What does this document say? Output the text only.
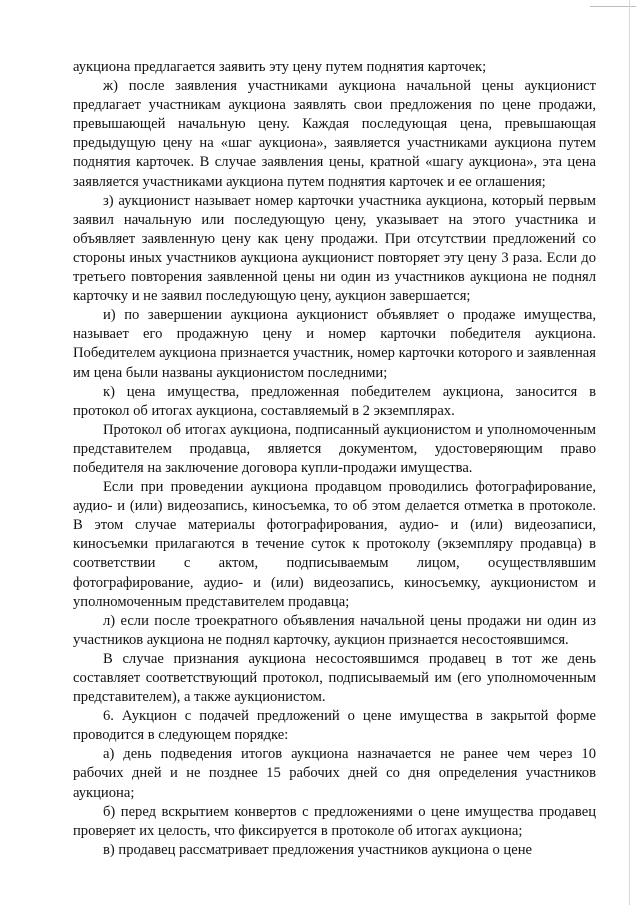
аукциона предлагается заявить эту цену путем поднятия карточек;

ж) после заявления участниками аукциона начальной цены аукционист предлагает участникам аукциона заявлять свои предложения по цене продажи, превышающей начальную цену. Каждая последующая цена, превышающая предыдущую цену на «шаг аукциона», заявляется участниками аукциона путем поднятия карточек. В случае заявления цены, кратной «шагу аукциона», эта цена заявляется участниками аукциона путем поднятия карточек и ее оглашения;

з) аукционист называет номер карточки участника аукциона, который первым заявил начальную или последующую цену, указывает на этого участника и объявляет заявленную цену как цену продажи. При отсутствии предложений со стороны иных участников аукциона аукционист повторяет эту цену 3 раза. Если до третьего повторения заявленной цены ни один из участников аукциона не поднял карточку и не заявил последующую цену, аукцион завершается;

и) по завершении аукциона аукционист объявляет о продаже имущества, называет его продажную цену и номер карточки победителя аукциона. Победителем аукциона признается участник, номер карточки которого и заявленная им цена были названы аукционистом последними;

к) цена имущества, предложенная победителем аукциона, заносится в протокол об итогах аукциона, составляемый в 2 экземплярах.

Протокол об итогах аукциона, подписанный аукционистом и уполномоченным представителем продавца, является документом, удостоверяющим право победителя на заключение договора купли-продажи имущества.

Если при проведении аукциона продавцом проводились фотографирование, аудио- и (или) видеозапись, киносъемка, то об этом делается отметка в протоколе. В этом случае материалы фотографирования, аудио- и (или) видеозаписи, киносъемки прилагаются в течение суток к протоколу (экземпляру продавца) в соответствии с актом, подписываемым лицом, осуществлявшим фотографирование, аудио- и (или) видеозапись, киносъемку, аукционистом и уполномоченным представителем продавца;

л) если после троекратного объявления начальной цены продажи ни один из участников аукциона не поднял карточку, аукцион признается несостоявшимся.

В случае признания аукциона несостоявшимся продавец в тот же день составляет соответствующий протокол, подписываемый им (его уполномоченным представителем), а также аукционистом.

6. Аукцион с подачей предложений о цене имущества в закрытой форме проводится в следующем порядке:

а) день подведения итогов аукциона назначается не ранее чем через 10 рабочих дней и не позднее 15 рабочих дней со дня определения участников аукциона;

б) перед вскрытием конвертов с предложениями о цене имущества продавец проверяет их целость, что фиксируется в протоколе об итогах аукциона;

в) продавец рассматривает предложения участников аукциона о цене
